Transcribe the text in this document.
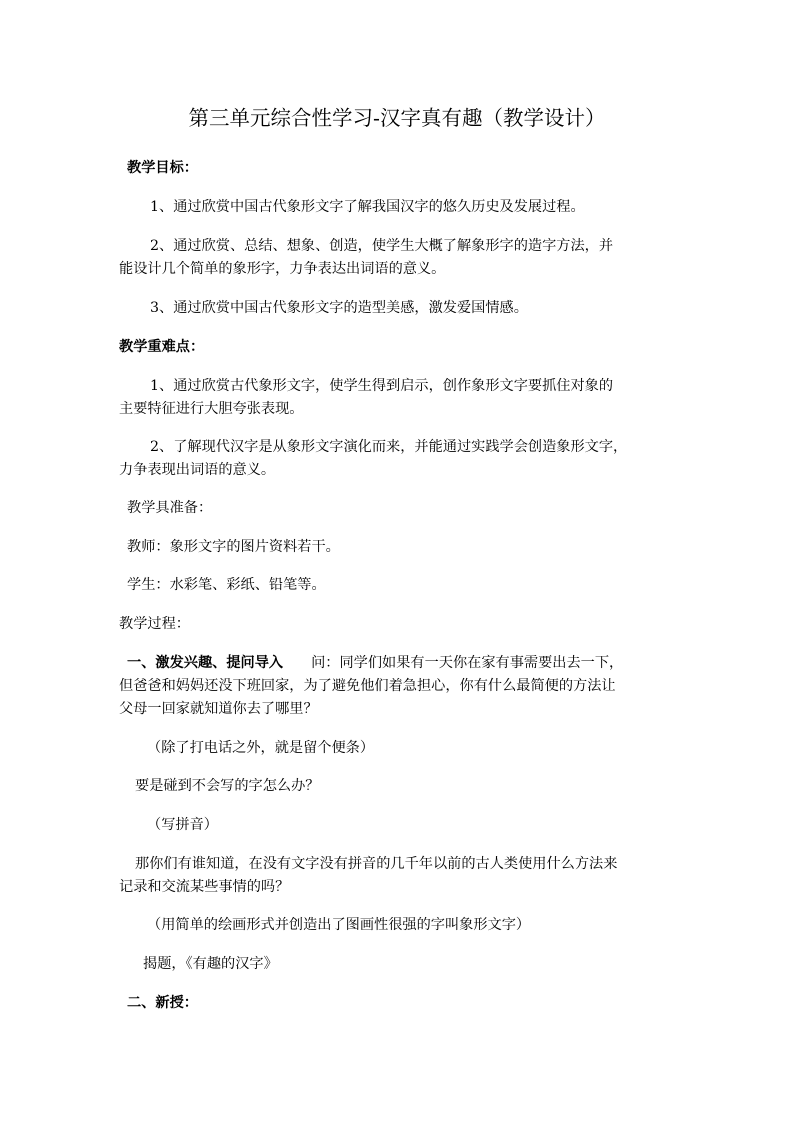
第三单元综合性学习-汉字真有趣（教学设计）
教学目标：
1、通过欣赏中国古代象形文字了解我国汉字的悠久历史及发展过程。
2、通过欣赏、总结、想象、创造，使学生大概了解象形字的造字方法，并
能设计几个简单的象形字，力争表达出词语的意义。
3、通过欣赏中国古代象形文字的造型美感，激发爱国情感。
教学重难点：
1、通过欣赏古代象形文字，使学生得到启示，创作象形文字要抓住对象的
主要特征进行大胆夸张表现。
2、了解现代汉字是从象形文字演化而来，并能通过实践学会创造象形文字，
力争表现出词语的意义。
教学具准备：
教师：象形文字的图片资料若干。
学生：水彩笔、彩纸、铅笔等。
教学过程：
一、激发兴趣、提问导入 问：同学们如果有一天你在家有事需要出去一下，
但爸爸和妈妈还没下班回家，为了避免他们着急担心，你有什么最简便的方法让
父母一回家就知道你去了哪里？
（除了打电话之外，就是留个便条）
要是碰到不会写的字怎么办？
（写拼音）
那你们有谁知道，在没有文字没有拼音的几千年以前的古人类使用什么方法来
记录和交流某些事情的吗？
（用简单的绘画形式并创造出了图画性很强的字叫象形文字）
揭题，《有趣的汉字》
二、新授：
